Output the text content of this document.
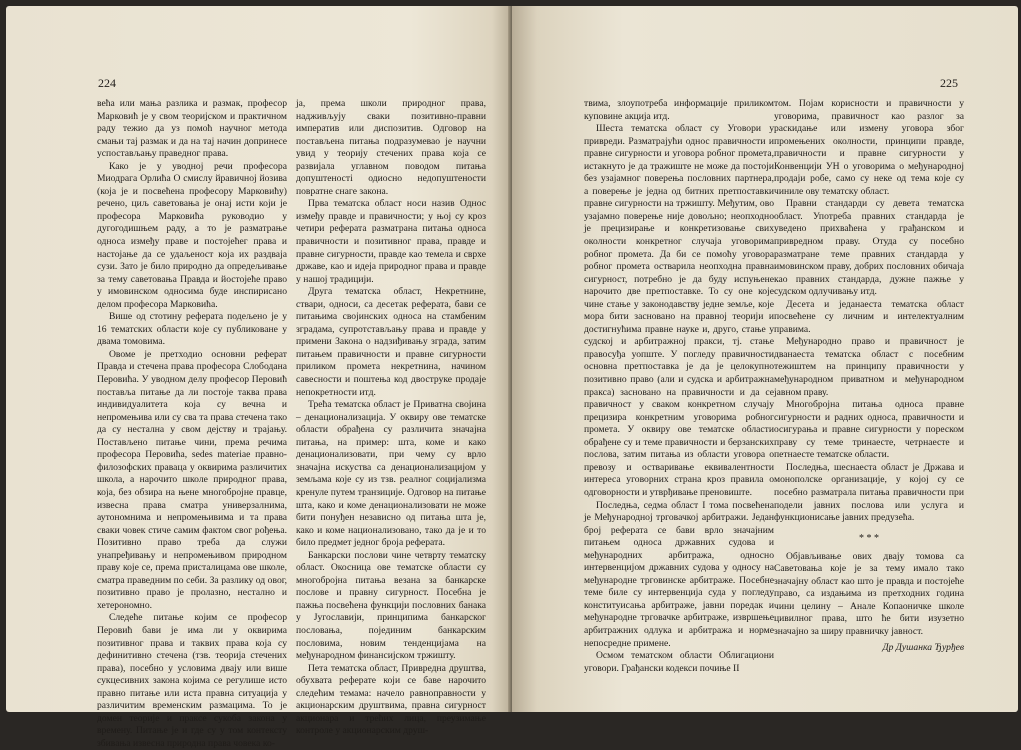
224

већа или мања разлика и размак, професор Марковић је у свом теоријском и практичном раду тежио да уз помоћ научног метода смањи тај размак и да на тај начин допринесе успостављању праведног права.

Како је у уводној речи професора Миодрага Орлића О смислу йравичној йозива (која је и посвећена професору Марковићу) речено, циљ саветовања је онај исти који је професора Марковића руководио у дугогодишњем раду, а то је разматрање односа између праве и постојећег права и настојање да се удаљеност која их раздваја сузи. Зато је било природно да опредељивање за тему саветовања Правда и йостојеће право у имовинском односима буде инспирисано делом професора Марковића.

Више од стотину реферата подељено је у 16 тематских области које су публиковане у двама томовима.

Овоме је претходио основни реферат Правда и стечена права професора Слободана Перовића. У уводном делу професор Перовић поставља питање да ли постоје таква права индивидуалитета која су вечна и непромењива или су сва та права стечена тако да су нестална у свом дејству и трајању. Постављено питање чини, према речима професора Перовића, sedes materiae правно-филозофских праваца у оквирима различитих школа, а нарочито школе природног права, која, без обзира на њене многобројне правце, извесна права сматра универзалнима, аутономнима и непромењивима и та права сваки човек стиче самим фактом свог рођења. Позитивно право треба да служи унапређивању и непромењивом природном праву које се, према присталицама ове школе, сматра праведним по себи. За разлику од овог, позитивно право је пролазно, нестално и хетерономно.

Следеће питање којим се професор Перовић бави је има ли у оквирима позитивног права и таквих права која су дефинитивно стечена (тзв. теорија стечених права), посебно у условима двају или више сукцесивних закона којима се регулише исто правно питање или иста правна ситуација у различитим временским размацима. То је домен теорије и праксе сукоба закона у времену. Питање је и где су у том контексту збивања извесна природна права човека ко-

ја, према школи природног права, надживљују сваки позитивно-правни императив или диспозитив. Одговор на постављена питања подразумевао је научни увид у теорију стечених права која се развијала углавном поводом питања допуштеності одиосно недопуштености повратне снаге закона.

Прва тематска област носи назив Однос између правде и правичности; у њој су кроз четири реферата разматрана питања односа правичности и позитивног права, правде и правне сигурности, правде као темела и сврхе државе, као и идеја природног права и правде у нашој традицији.

Друга тематска област, Некретнине, ствари, односи, са десетак реферата, бави се питањима својинских односа на стамбеним зградама, супротстављању права и правде у примени Закона о надзиђивању зграда, затим питањем правичности и правне сигурности приликом промета некретнина, начином савесности и поштења код двоструке продаје непокретности итд.

Трећа тематска област је Приватна својина – денационализација. У оквиру ове тематске области обрађена су различита значајна питања, на пример: шта, коме и како денационализовати, при чему су врло значајна искуства са денационализацијом у земљама које су из тзв. реалног социјализма кренуле путем транзиције. Одговор на питање шта, како и коме денационализовати не може бити понуђен независно од питања шта је, како и коме национализовано, тако да је и то било предмет једног броја реферата.

Банкарски послови чине четврту тематску област. Окосница ове тематске области су многобројна питања везана за банкарске послове и правну сигурност. Посебна је пажња посвећена функцији пословних банака у Југославији, принципима банкарског пословања, појединим банкарским пословима, новим тенденцијама на међународном финансијском тржишту.

Пета тематска област, Привредна друштва, обухвата реферате који се баве нарочито следећим темама: начело равноправности у акционарским друштвима, правна сигурност акционара и трећих лица, преузимање контроле у акционарским друш-

225

твима, злоупотреба информације приликом куповине акција итд.

Шеста тематска област су Уговори у привреди. Разматрајући однос правичности и правне сигурности и уговора робног промета, истакнуто је да тражиште не може да постоји без узајамног поверења пословних партнера, а поверење је једна од битних претпоставки правне сигурности на тржишту. Међутим, ово узајамно поверење није довољно; неопходно је прецизирање и конкретизовање свих околности конкретног случаја уговорима робног промета. Да би се помоћу уговора робног промета остварила неопходна правна сигурност, потребно је да буду испуњене нарочито две претпоставке. То су оне које чине стање у законодавству једне земље, које мора бити засновано на правној теорији и достигнућима правне науке и, друго, стање у судској и арбитражној пракси, тј. стање правосуђа уопште. У погледу правичности основна претпоставка је да је целокупно позитивно право (али и судска и арбитражна пракса) засновано на правичности и да се правичност у сваком конкретном случају прецизира конкретним уговорима робног промета. У оквиру ове тематске области обрађене су и теме правичности и берзанских послова, затим питања из области уговора о превозу и остваривање еквивалентности интереса уговорних страна кроз правила о одговорности и утврђивање преновиште.

Последња, седма област I тома посвећена је Међународној трговачкој арбитражи. Један број реферата се бави врло значајним питањем односа државних судова и међународних арбитража, односно интервенцијом државних судова у односу на међународне трговинске арбитраже. Посебне теме биле су интервенција суда у погледу конституисања арбитраже, јавни поредак и међународне трговачке арбитраже, извршење арбитражних одлука и арбитража и норме непосредне примене.

Осмом тематском области Облигациони уговори. Грађански кодекси почиње II

том. Појам корисности и правичности у уговорима, правичност као разлог за раскидање или измену уговора због промењених околности, принципи правде, правичности и правне сигурности у Конвенцији УН о уговорима о међународној продаји робе, само су неке од тема које су чиниле ову тематску област.

Правни стандарди су девета тематска област. Употреба правних стандарда је уведено прихваћена у грађанском и привредном праву. Отуда су посебно разматране теме правних стандарда у имовинском праву, добрих пословних обичаја као правних стандарда, дужне пажње у судском одлучивању итд.

Десета и једанаеста тематска област посвећене су личним и интелектуалним правима.

Међународно право и правичност је дванаеста тематска област с посебним тежиштем на принципу правичности у међународном приватном и међународном јавном праву.

Многобројна питања односа правне сигурности и радних односа, правичности и осигурања и правне сигурности у пореском праву су теме тринаесте, четрнаесте и петнаесте тематске области.

Последња, шеснаеста област је Држава и монополске организације, у којој су се посебно разматрала питања правичности при подели јавних послова или услуга и функционисање јавних предузећа.

* * *

Објављивање ових двају томова са Саветовања које је за тему имало тако значајну област као што је правда и постојеће право, са издањима из претходних година чини целину – Анале Копаоничке школе цивилног права, што ће бити изузетно значајно за ширу правничку јавност.

Др Душанка Ђурђев
